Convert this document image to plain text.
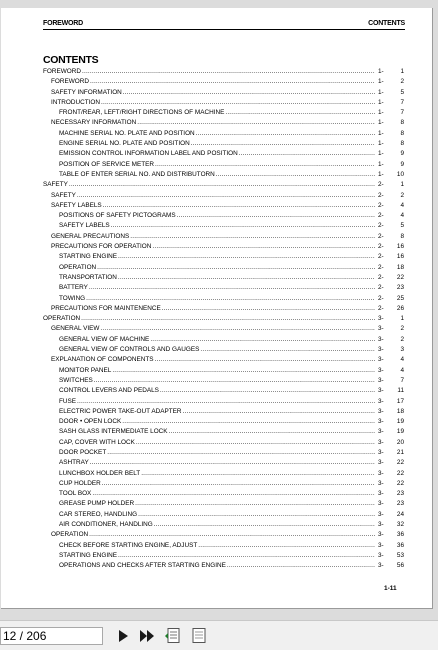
FOREWORD	CONTENTS
CONTENTS
FOREWORD .....	1-	1
FOREWORD .....	1-	2
SAFETY INFORMATION .....	1-	5
INTRODUCTION .....	1-	7
FRONT/REAR, LEFT/RIGHT DIRECTIONS OF MACHINE .....	1-	7
NECESSARY INFORMATION .....	1-	8
MACHINE SERIAL NO. PLATE AND POSITION .....	1-	8
ENGINE SERIAL NO. PLATE AND POSITION .....	1-	8
EMISSION CONTROL INFORMATION LABEL AND POSITION .....	1-	9
POSITION OF SERVICE METER .....	1-	9
TABLE OF ENTER SERIAL NO. AND DISTRIBUTORN .....	1-	10
SAFETY .....	2-	1
SAFETY .....	2-	2
SAFETY LABELS .....	2-	4
POSITIONS OF SAFETY PICTOGRAMS .....	2-	4
SAFETY LABELS .....	2-	5
GENERAL PRECAUTIONS .....	2-	8
PRECAUTIONS FOR OPERATION .....	2-	16
STARTING ENGINE .....	2-	16
OPERATION .....	2-	18
TRANSPORTATION .....	2-	22
BATTERY .....	2-	23
TOWING .....	2-	25
PRECAUTIONS FOR MAINTENENCE .....	2-	26
OPERATION .....	3-	1
GENERAL VIEW .....	3-	2
GENERAL VIEW OF MACHINE .....	3-	2
GENERAL VIEW OF CONTROLS AND GAUGES .....	3-	3
EXPLANATION OF COMPONENTS .....	3-	4
MONITOR PANEL .....	3-	4
SWITCHES .....	3-	7
CONTROL LEVERS AND PEDALS .....	3-	11
FUSE .....	3-	17
ELECTRIC POWER TAKE-OUT ADAPTER .....	3-	18
DOOR • OPEN LOCK .....	3-	19
SASH GLASS INTERMEDIATE LOCK .....	3-	19
CAP, COVER WITH LOCK .....	3-	20
DOOR POCKET .....	3-	21
ASHTRAY .....	3-	22
LUNCHBOX HOLDER BELT .....	3-	22
CUP HOLDER .....	3-	22
TOOL BOX .....	3-	23
GREASE PUMP HOLDER .....	3-	23
CAR STEREO, HANDLING .....	3-	24
AIR CONDITIONER, HANDLING .....	3-	32
OPERATION .....	3-	36
CHECK BEFORE STARTING ENGINE, ADJUST .....	3-	36
STARTING ENGINE .....	3-	53
OPERATIONS AND CHECKS AFTER STARTING ENGINE .....	3-	56
1-11
12 / 206
